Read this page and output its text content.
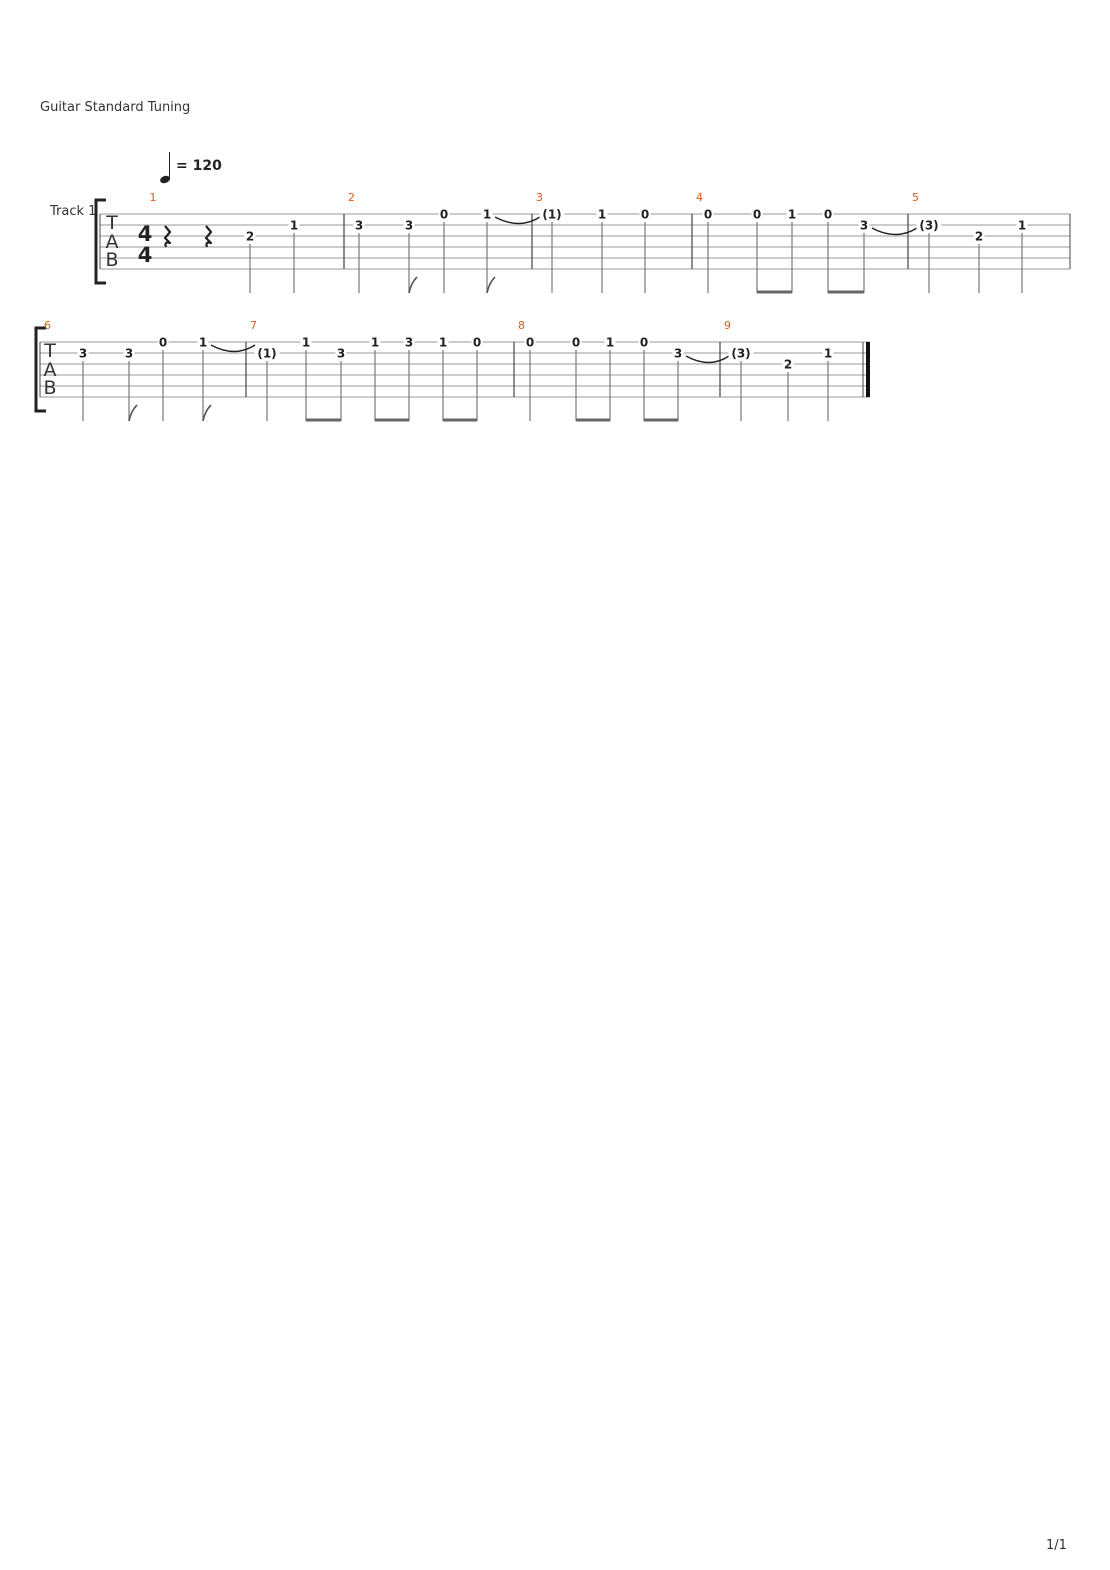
Guitar Standard Tuning
= 120
Track 1
T
A
B
4
4
1
2
1
2
3	3
0	1
3
(1)	1	0
4
0	0 1 0
3
5
(3)
2
1
T
A
B
6
3	3
0	1
7
(1)
1
3
1 3 1 0
8
0	0 1 0
3
9
(3)
2
1
1/1
